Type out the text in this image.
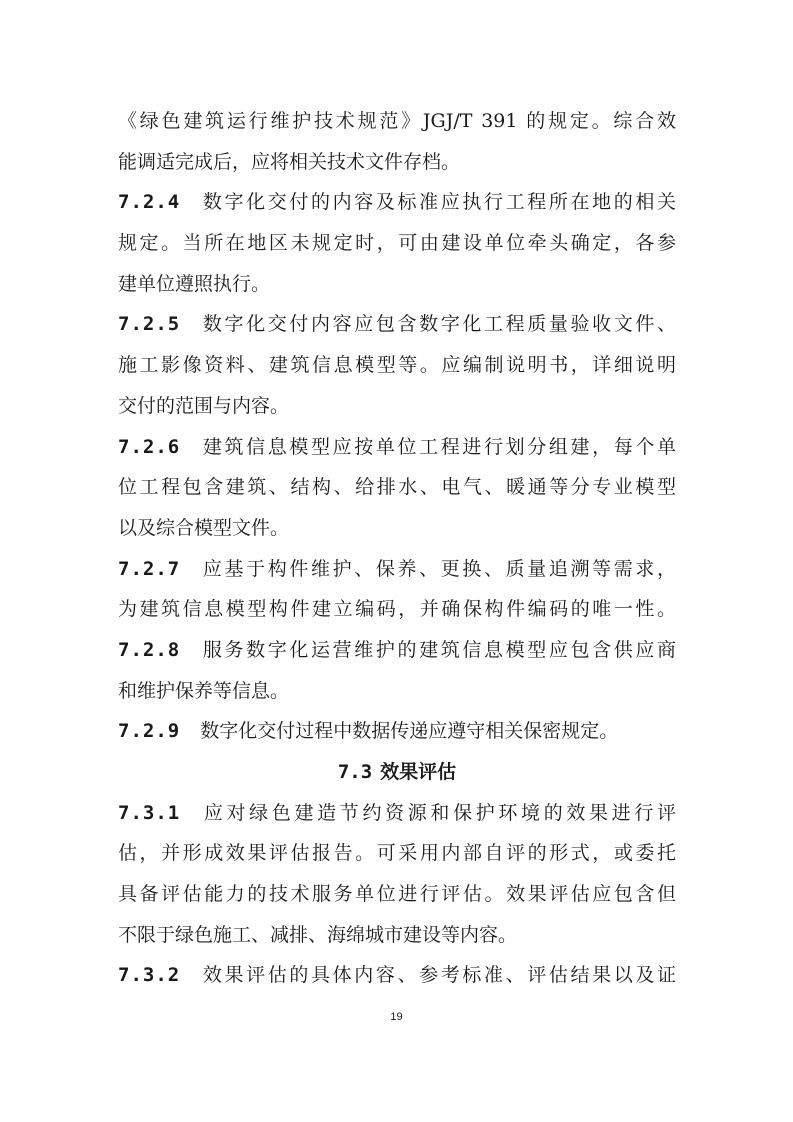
《绿色建筑运行维护技术规范》JGJ/T 391 的规定。综合效
能调适完成后，应将相关技术文件存档。
7.2.4 数字化交付的内容及标准应执行工程所在地的相关
规定。当所在地区未规定时，可由建设单位牵头确定，各参
建单位遵照执行。
7.2.5 数字化交付内容应包含数字化工程质量验收文件、
施工影像资料、建筑信息模型等。应编制说明书，详细说明
交付的范围与内容。
7.2.6 建筑信息模型应按单位工程进行划分组建，每个单
位工程包含建筑、结构、给排水、电气、暖通等分专业模型
以及综合模型文件。
7.2.7 应基于构件维护、保养、更换、质量追溯等需求，
为建筑信息模型构件建立编码，并确保构件编码的唯一性。
7.2.8 服务数字化运营维护的建筑信息模型应包含供应商
和维护保养等信息。
7.2.9 数字化交付过程中数据传递应遵守相关保密规定。
7.3 效果评估
7.3.1 应对绿色建造节约资源和保护环境的效果进行评
估，并形成效果评估报告。可采用内部自评的形式，或委托
具备评估能力的技术服务单位进行评估。效果评估应包含但
不限于绿色施工、减排、海绵城市建设等内容。
7.3.2 效果评估的具体内容、参考标准、评估结果以及证
19
